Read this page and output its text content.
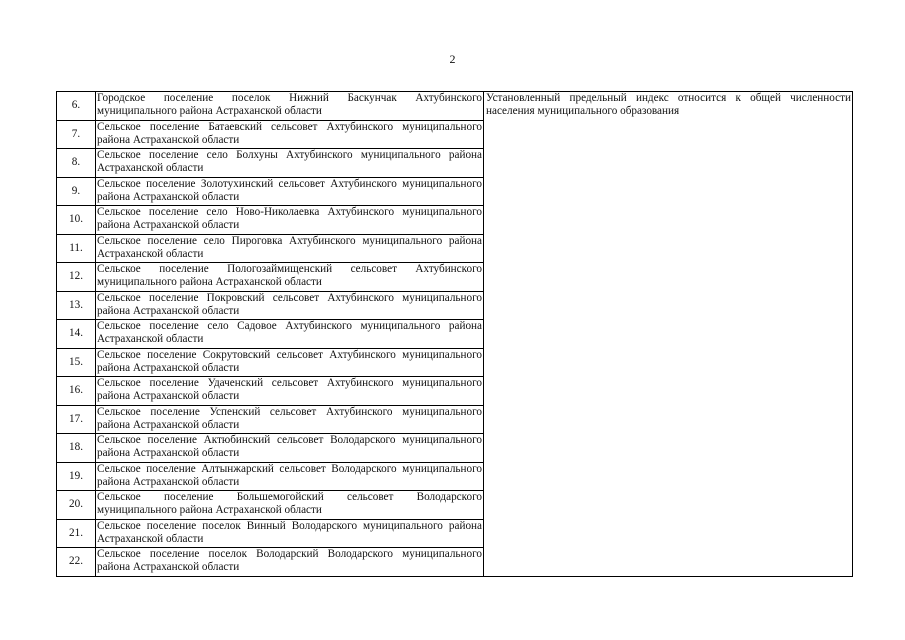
2
6.	Городское поселение поселок Нижний Баскунчак Ахтубинского муниципального района Астраханской области	Установленный предельный индекс относится к общей численности населения муниципального образования
7.	Сельское поселение Батаевский сельсовет Ахтубинского муниципального района Астраханской области	
8.	Сельское поселение село Болхуны Ахтубинского муниципального района Астраханской области	
9.	Сельское поселение Золотухинский сельсовет Ахтубинского муниципального района Астраханской области	
10.	Сельское поселение село Ново-Николаевка Ахтубинского муниципального района Астраханской области	
11.	Сельское поселение село Пироговка Ахтубинского муниципального района Астраханской области	
12.	Сельское поселение Пологозаймищенский сельсовет Ахтубинского муниципального района Астраханской области	
13.	Сельское поселение Покровский сельсовет Ахтубинского муниципального района Астраханской области	
14.	Сельское поселение село Садовое Ахтубинского муниципального района Астраханской области	
15.	Сельское поселение Сокрутовский сельсовет Ахтубинского муниципального района Астраханской области	
16.	Сельское поселение Удаченский сельсовет Ахтубинского муниципального района Астраханской области	
17.	Сельское поселение Успенский сельсовет Ахтубинского муниципального района Астраханской области	
18.	Сельское поселение Актюбинский сельсовет Володарского муниципального района Астраханской области	
19.	Сельское поселение Алтынжарский сельсовет Володарского муниципального района Астраханской области	
20.	Сельское поселение Большемогойский сельсовет Володарского муниципального района Астраханской области	
21.	Сельское поселение поселок Винный Володарского муниципального района Астраханской области	
22.	Сельское поселение поселок Володарский Володарского муниципального района Астраханской области	
